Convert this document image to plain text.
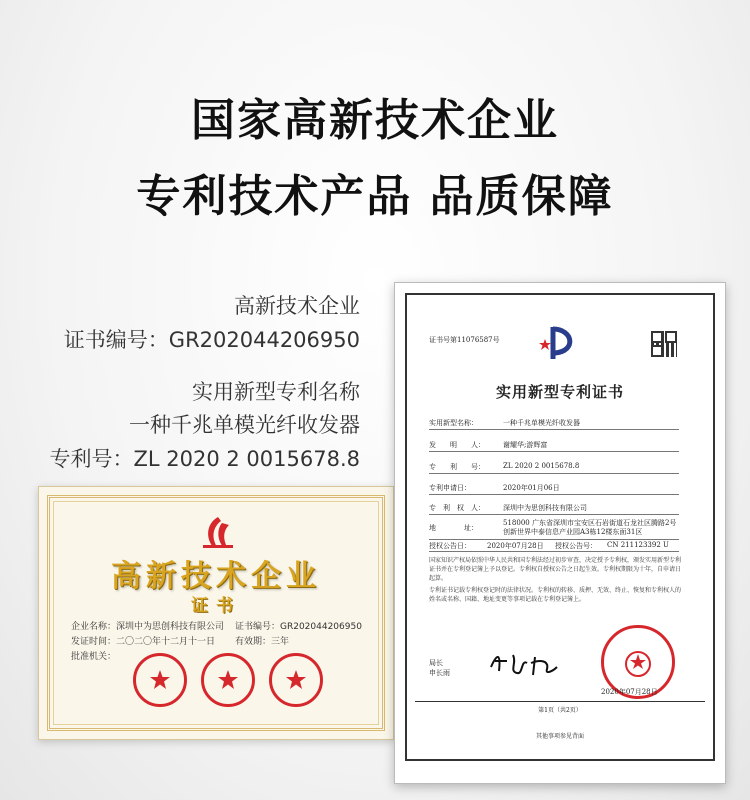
国家高新技术企业
专利技术产品 品质保障
高新技术企业
证书编号：GR202044206950
实用新型专利名称
一种千兆单模光纤收发器
专利号：ZL 2020 2 0015678.8
高新技术企业
证书
企业名称：深圳中为思创科技有限公司 证书编号：GR202044206950
发证时间：二〇二〇年十二月十一日 有效期：三年
批准机关：
证书号第11076587号
实用新型专利证书
实用新型名称：	一种千兆单模光纤收发器
发　　明　　人：	谢耀华;游辉富
专　　利　　号：	ZL 2020 2 0015678.8
专利申请日：	2020年01月06日
专　利　权　人：	深圳中为思创科技有限公司
地　　　　址：
518000 广东省深圳市宝安区石岩街道石龙社区腾路2号创新世界中泰信息产业园A3栋12楼东面31区
授权公告日： 2020年07月28日 授权公告号： CN 211123392 U
国家知识产权局依照中华人民共和国专利法经过初步审查，决定授予专利权，颁发实用新型专利证书并在专利登记簿上予以登记。专利权自授权公告之日起生效。专利权期限为十年，自申请日起算。
专利证书记载专利权登记时的法律状况。专利权的转移、质押、无效、终止、恢复和专利权人的姓名或名称、国籍、地址变更等事项记载在专利登记簿上。
局长
申长雨
2020年07月28日
第1页（共2页）
其他事项参见背面
